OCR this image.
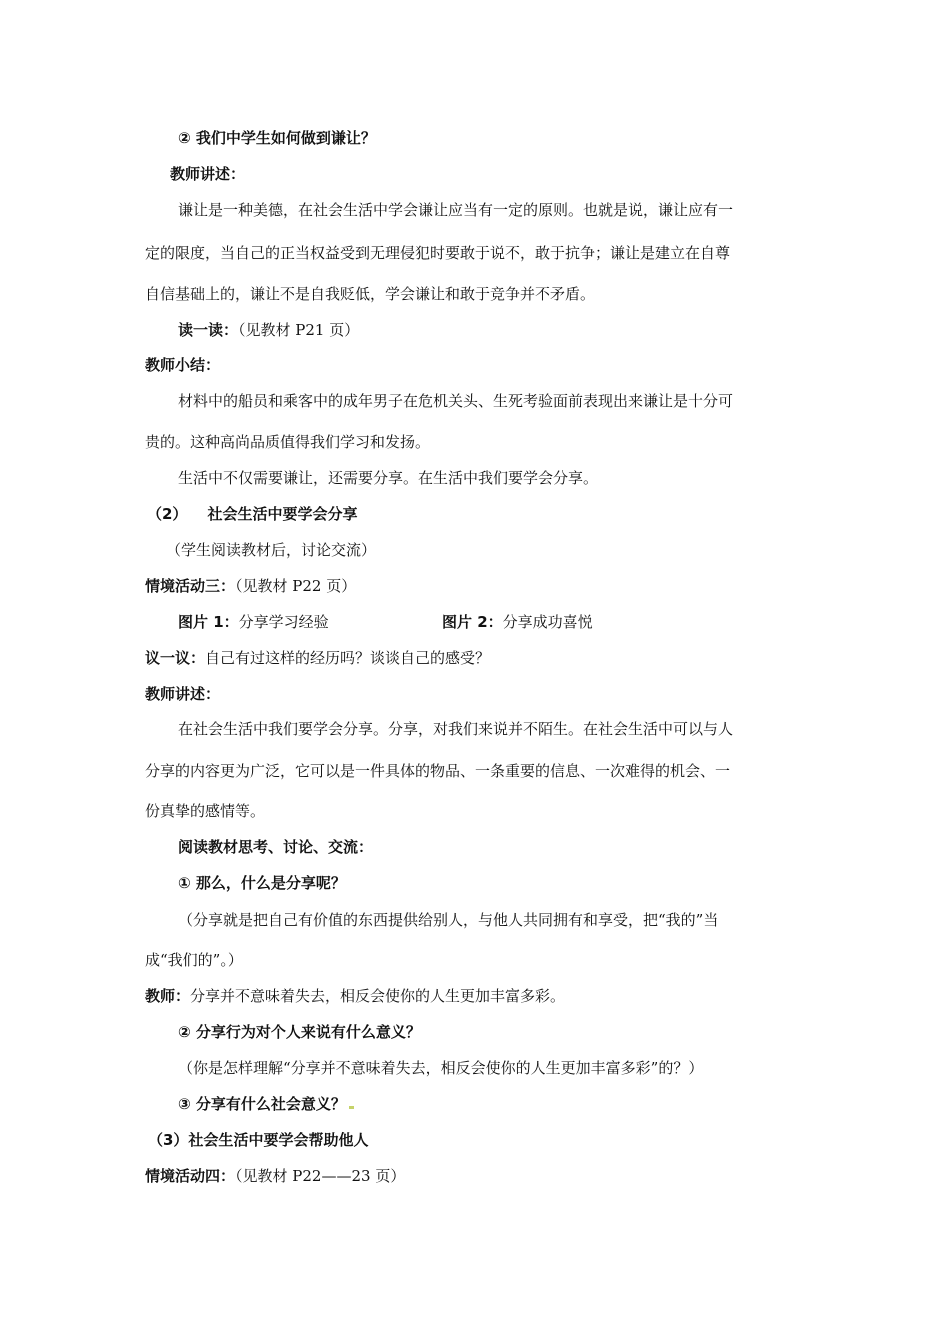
② 我们中学生如何做到谦让？
教师讲述：
谦让是一种美德，在社会生活中学会谦让应当有一定的原则。也就是说，谦让应有一
定的限度，当自己的正当权益受到无理侵犯时要敢于说不，敢于抗争；谦让是建立在自尊
自信基础上的，谦让不是自我贬低，学会谦让和敢于竞争并不矛盾。
读一读：（见教材 P21 页）
教师小结：
材料中的船员和乘客中的成年男子在危机关头、生死考验面前表现出来谦让是十分可
贵的。这种高尚品质值得我们学习和发扬。
生活中不仅需要谦让，还需要分享。在生活中我们要学会分享。
（2） 社会生活中要学会分享
（学生阅读教材后，讨论交流）
情境活动三：（见教材 P22 页）
图片 1：分享学习经验	图片 2：分享成功喜悦
议一议：自己有过这样的经历吗？谈谈自己的感受？
教师讲述：
在社会生活中我们要学会分享。分享，对我们来说并不陌生。在社会生活中可以与人
分享的内容更为广泛，它可以是一件具体的物品、一条重要的信息、一次难得的机会、一
份真挚的感情等。
阅读教材思考、讨论、交流：
① 那么，什么是分享呢？
（分享就是把自己有价值的东西提供给别人，与他人共同拥有和享受，把“我的”当
成“我们的”。）
教师：分享并不意味着失去，相反会使你的人生更加丰富多彩。
② 分享行为对个人来说有什么意义？
（你是怎样理解“分享并不意味着失去，相反会使你的人生更加丰富多彩”的？）
③ 分享有什么社会意义？
（3）社会生活中要学会帮助他人
情境活动四：（见教材 P22——23 页）
